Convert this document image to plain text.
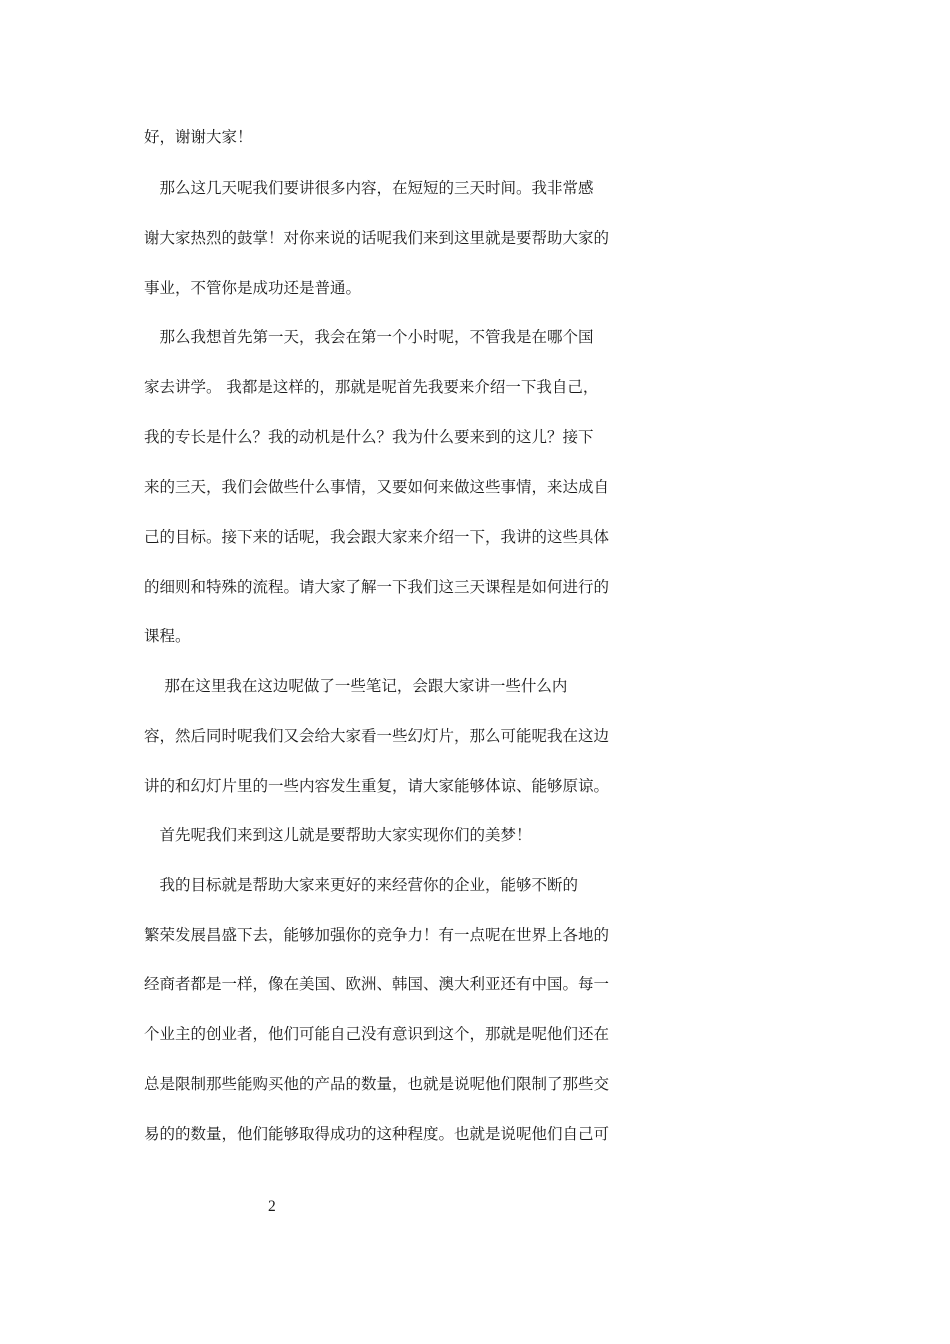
好，谢谢大家！
　那么这几天呢我们要讲很多内容，在短短的三天时间。我非常感
谢大家热烈的鼓掌！对你来说的话呢我们来到这里就是要帮助大家的
事业，不管你是成功还是普通。
　那么我想首先第一天，我会在第一个小时呢，不管我是在哪个国
家去讲学。 我都是这样的，那就是呢首先我要来介绍一下我自己，
我的专长是什么？我的动机是什么？我为什么要来到的这儿？接下
来的三天，我们会做些什么事情，又要如何来做这些事情，来达成自
己的目标。接下来的话呢，我会跟大家来介绍一下，我讲的这些具体
的细则和特殊的流程。请大家了解一下我们这三天课程是如何进行的
课程。
　 那在这里我在这边呢做了一些笔记，会跟大家讲一些什么内
容，然后同时呢我们又会给大家看一些幻灯片，那么可能呢我在这边
讲的和幻灯片里的一些内容发生重复，请大家能够体谅、能够原谅。
　首先呢我们来到这儿就是要帮助大家实现你们的美梦！
　我的目标就是帮助大家来更好的来经营你的企业，能够不断的
繁荣发展昌盛下去，能够加强你的竞争力！有一点呢在世界上各地的
经商者都是一样，像在美国、欧洲、韩国、澳大利亚还有中国。每一
个业主的创业者，他们可能自己没有意识到这个，那就是呢他们还在
总是限制那些能购买他的产品的数量，也就是说呢他们限制了那些交
易的的数量，他们能够取得成功的这种程度。也就是说呢他们自己可
2
